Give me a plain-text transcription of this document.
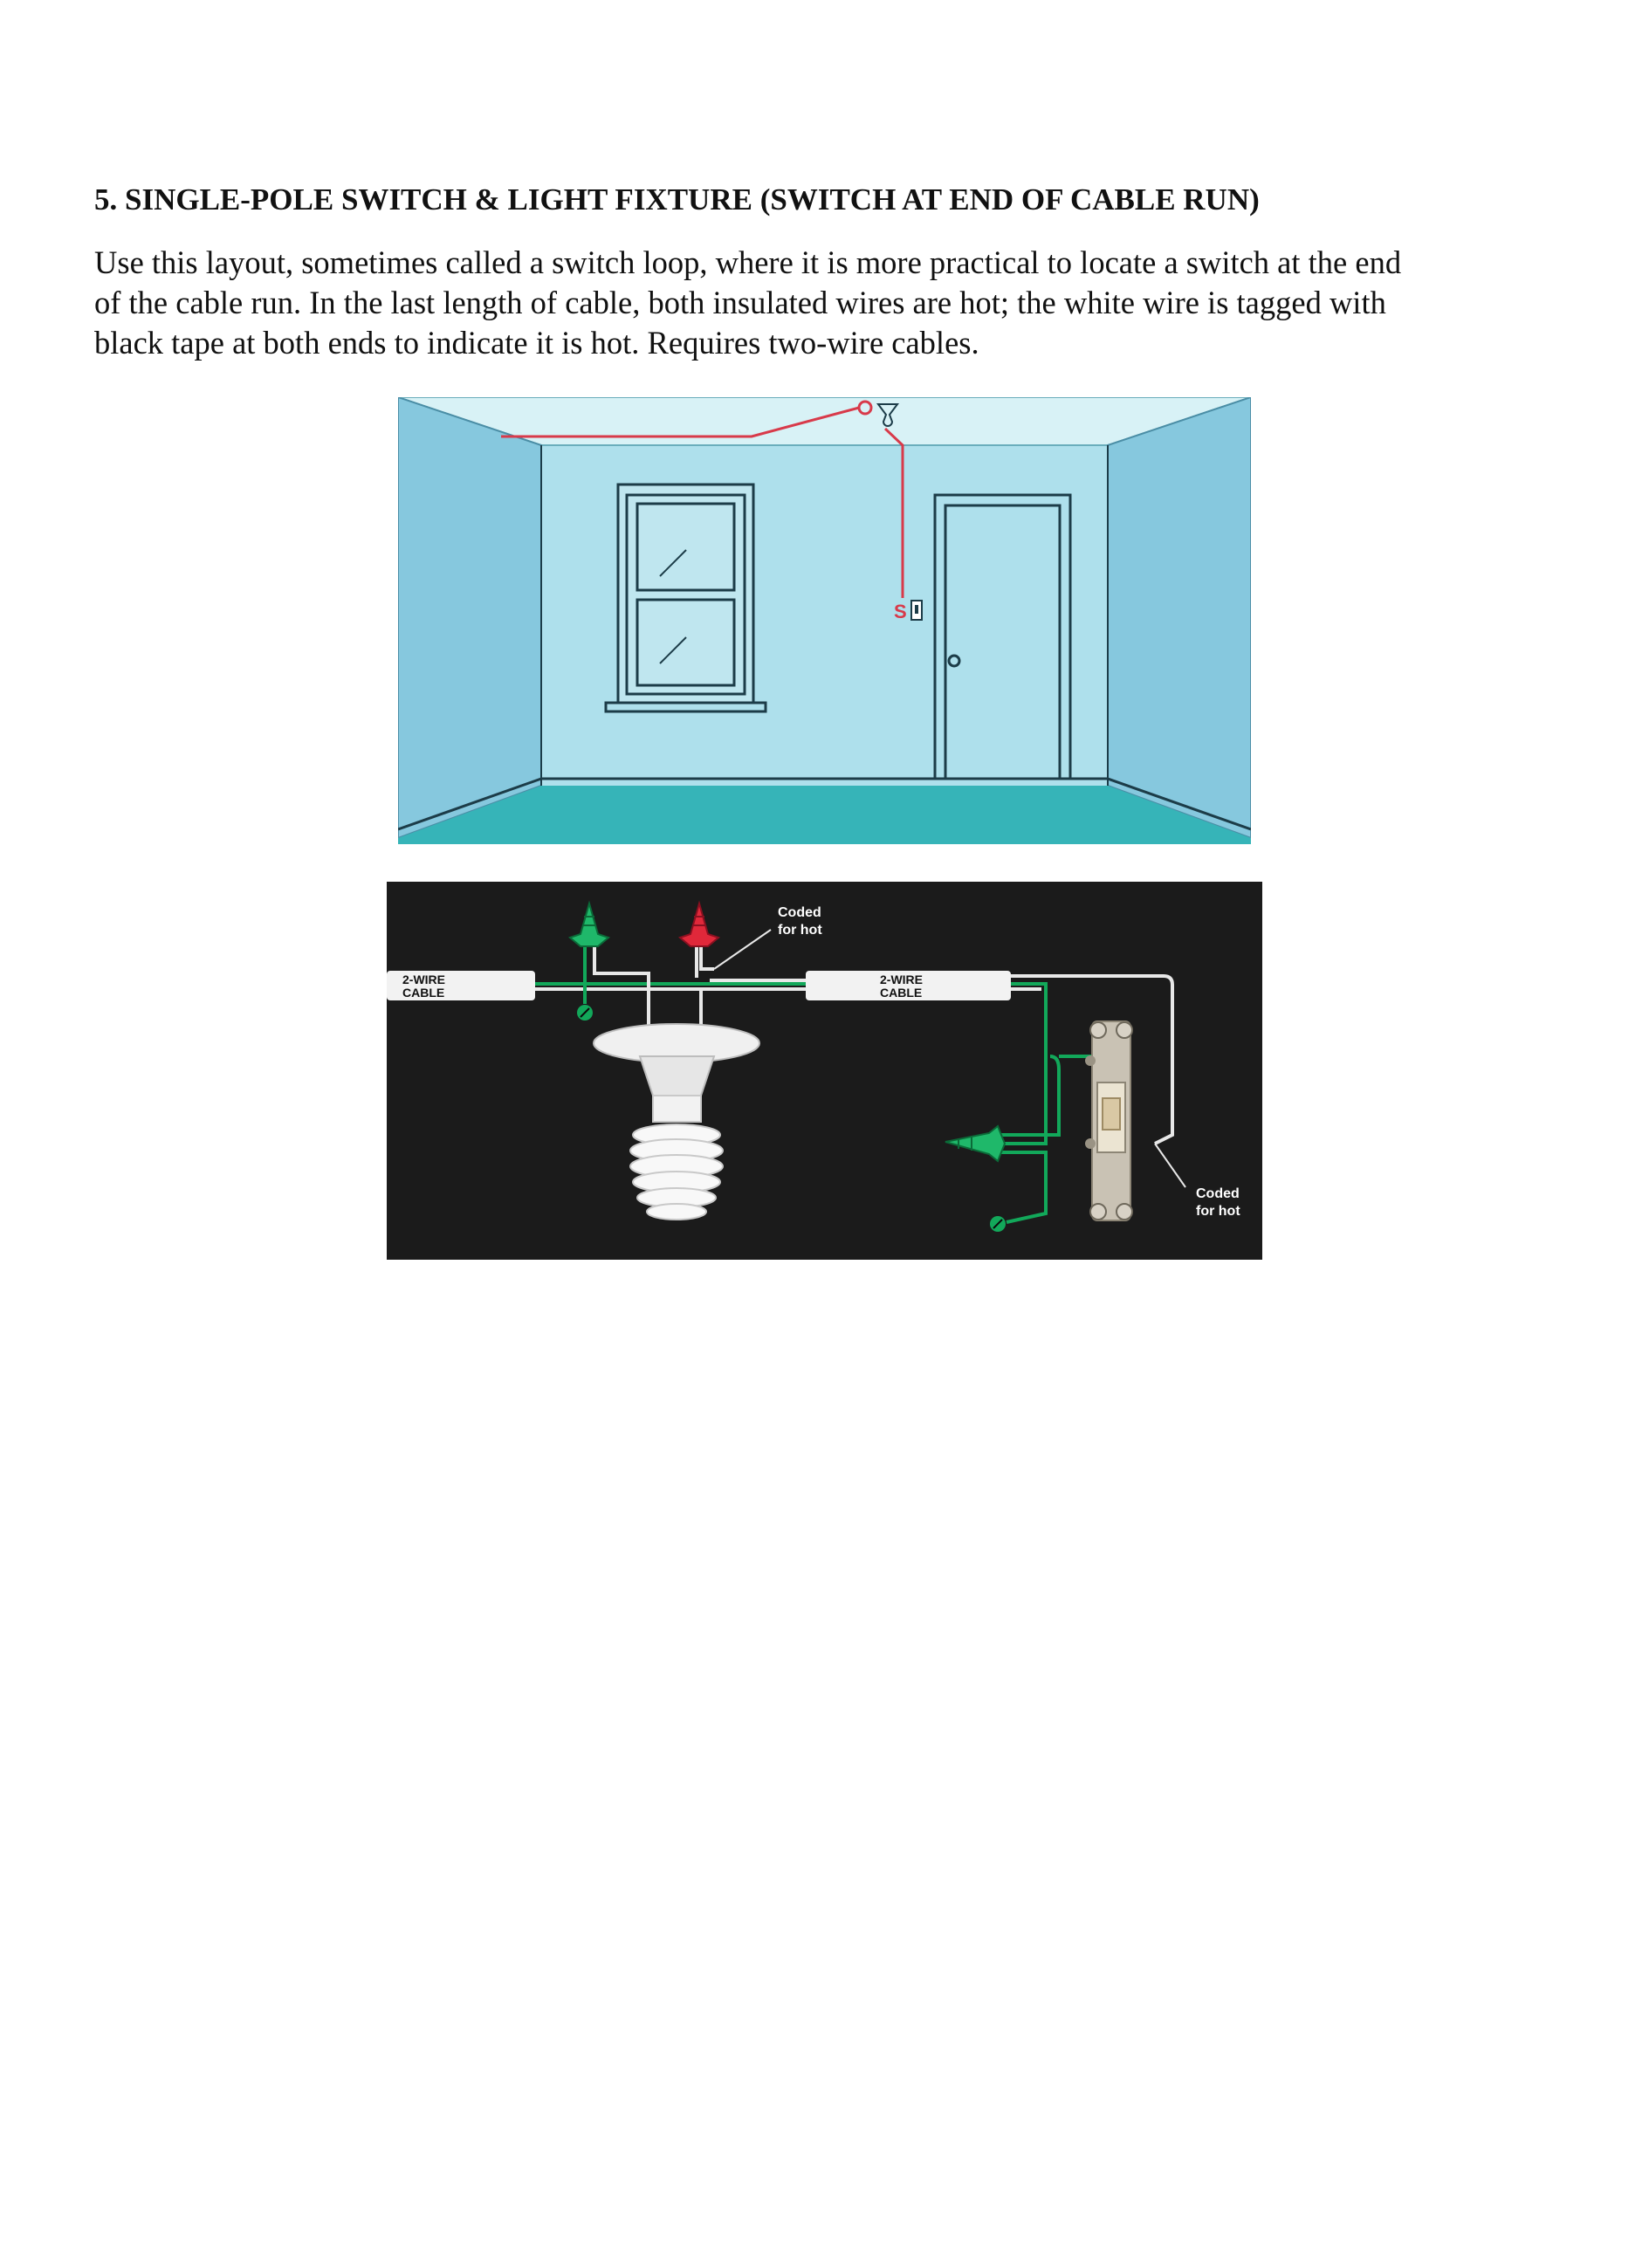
5. SINGLE-POLE SWITCH & LIGHT FIXTURE (SWITCH AT END OF CABLE RUN)

Use this layout, sometimes called a switch loop, where it is more practical to locate a switch at the end
of the cable run. In the last length of cable, both insulated wires are hot; the white wire is tagged with
black tape at both ends to indicate it is hot. Requires two-wire cables.

S
2-WIRE
CABLE
2-WIRE
CABLE
Coded
for hot
Coded
for hot
